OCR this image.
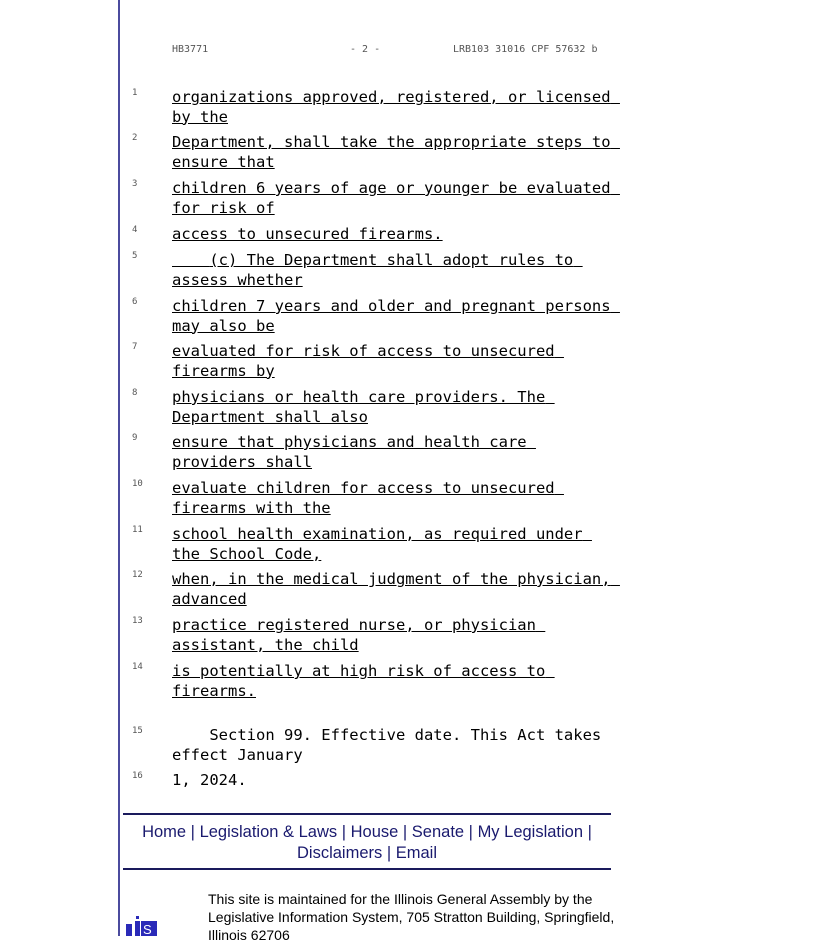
HB3771

	- 2 -

	LRB103 31016 CPF 57632 b

1 organizations approved, registered, or licensed by the
2 Department, shall take the appropriate steps to ensure that
3 children 6 years of age or younger be evaluated for risk of
4 access to unsecured firearms.
5 (c) The Department shall adopt rules to assess whether
6 children 7 years and older and pregnant persons may also be
7 evaluated for risk of access to unsecured firearms by
8 physicians or health care providers. The Department shall also
9 ensure that physicians and health care providers shall
10 evaluate children for access to unsecured firearms with the
11 school health examination, as required under the School Code,
12 when, in the medical judgment of the physician, advanced
13 practice registered nurse, or physician assistant, the child
14 is potentially at high risk of access to firearms.
15 Section 99. Effective date. This Act takes effect January
16 1, 2024.
Home | Legislation & Laws | House | Senate | My Legislation |
Disclaimers | Email
S
This site is maintained for the Illinois General Assembly by the Legislative Information System, 705 Stratton Building, Springfield, Illinois 62706
